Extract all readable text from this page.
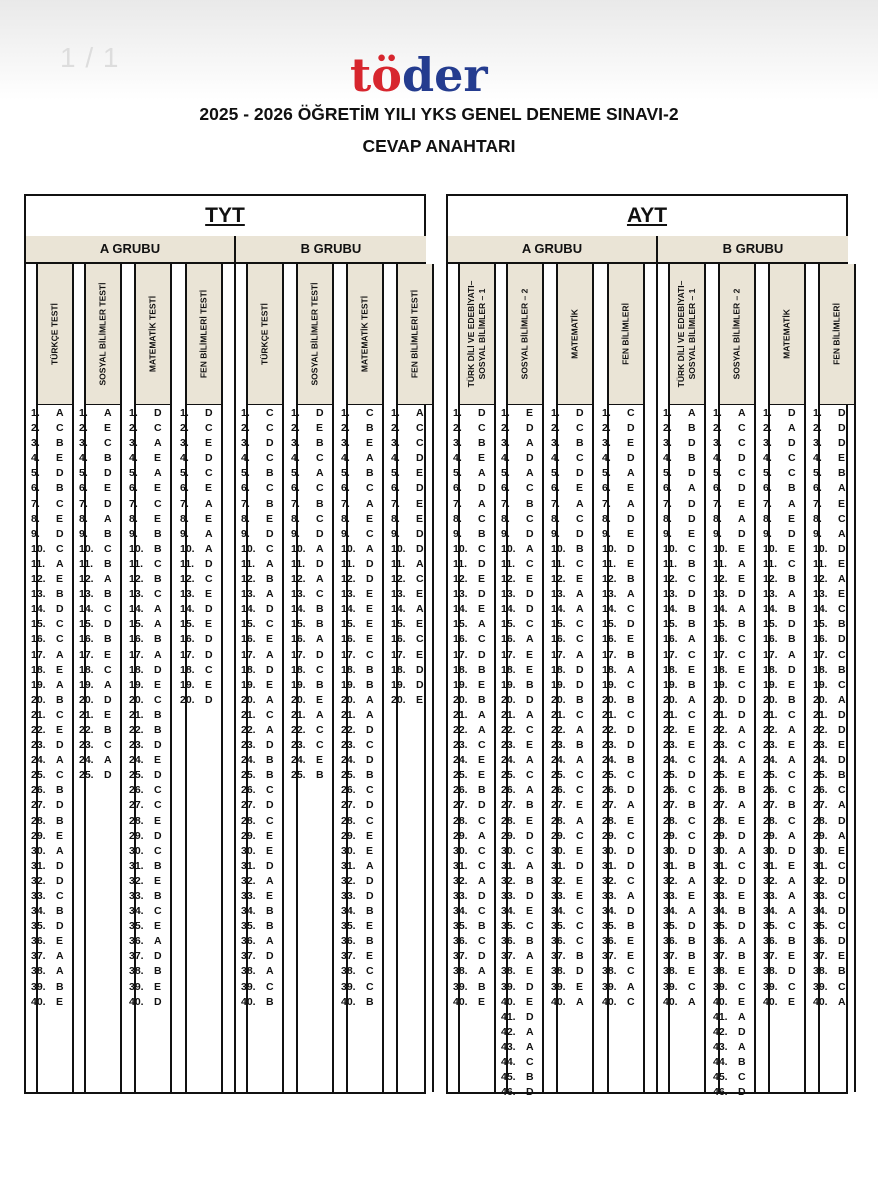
1 / 1	töder
2025 - 2026 ÖĞRETİM YILI YKS GENEL DENEME SINAVI-2
CEVAP ANAHTARI
TYT
A GRUBU
TÜRKÇE TESTİ
1. A
2. C
3. B
4. E
5. D
6. B
7. C
8. E
9. D
10. C
11. A
12. E
13. B
14. D
15. C
16. C
17. A
18. E
19. A
20. B
21. C
22. E
23. D
24. A
25. C
26. B
27. D
28. B
29. E
30. A
31. D
32. D
33. C
34. B
35. D
36. E
37. A
38. A
39. B
40. E
SOSYAL BİLİMLER TESTİ
1. A
2. E
3. C
4. B
5. D
6. E
7. D
8. A
9. B
10. C
11. B
12. A
13. B
14. C
15. D
16. B
17. E
18. C
19. A
20. D
21. E
22. B
23. C
24. A
25. D
MATEMATİK TESTİ
1. D
2. C
3. A
4. E
5. A
6. E
7. C
8. E
9. B
10. B
11. C
12. B
13. C
14. A
15. A
16. B
17. A
18. D
19. E
20. C
21. B
22. B
23. D
24. E
25. D
26. C
27. C
28. E
29. D
30. C
31. B
32. E
33. B
34. C
35. E
36. A
37. D
38. B
39. E
40. D
FEN BİLİMLERİ TESTİ
1. D
2. C
3. E
4. D
5. C
6. E
7. A
8. E
9. A
10. A
11. D
12. C
13. E
14. D
15. E
16. D
17. D
18. C
19. E
20. D
B GRUBU
TÜRKÇE TESTİ
1. C
2. C
3. D
4. C
5. B
6. C
7. B
8. E
9. D
10. C
11. A
12. B
13. A
14. D
15. C
16. E
17. A
18. D
19. E
20. A
21. C
22. A
23. D
24. B
25. B
26. C
27. D
28. C
29. E
30. E
31. D
32. A
33. E
34. B
35. B
36. A
37. D
38. A
39. C
40. B
SOSYAL BİLİMLER TESTİ
1. D
2. E
3. B
4. C
5. A
6. C
7. B
8. C
9. D
10. A
11. D
12. A
13. C
14. B
15. B
16. A
17. D
18. C
19. B
20. E
21. A
22. C
23. C
24. E
25. B
MATEMATİK TESTİ
1. C
2. B
3. E
4. A
5. B
6. C
7. A
8. E
9. C
10. A
11. D
12. D
13. E
14. E
15. E
16. E
17. C
18. B
19. B
20. A
21. A
22. D
23. C
24. D
25. B
26. C
27. D
28. C
29. E
30. E
31. A
32. D
33. D
34. B
35. E
36. B
37. E
38. C
39. C
40. B
FEN BİLİMLERİ TESTİ
1. A
2. C
3. C
4. D
5. E
6. D
7. E
8. E
9. D
10. D
11. A
12. C
13. E
14. A
15. E
16. C
17. E
18. D
19. D
20. E
AYT
A GRUBU
TÜRK DİLİ VE EDEBİYATI–
SOSYAL BİLİMLER – 1
1. D
2. C
3. B
4. E
5. A
6. D
7. A
8. C
9. B
10. C
11. D
12. E
13. D
14. E
15. A
16. C
17. D
18. B
19. E
20. B
21. A
22. A
23. C
24. E
25. E
26. B
27. D
28. C
29. A
30. C
31. C
32. A
33. D
34. C
35. B
36. C
37. D
38. A
39. B
40. E
SOSYAL BİLİMLER – 2
1. E
2. D
3. A
4. D
5. A
6. C
7. B
8. C
9. D
10. A
11. C
12. E
13. D
14. D
15. C
16. A
17. E
18. E
19. B
20. D
21. A
22. C
23. E
24. A
25. C
26. A
27. B
28. E
29. D
30. C
31. A
32. B
33. D
34. E
35. C
36. B
37. A
38. E
39. D
40. E
41. D
42. A
43. A
44. C
45. B
46. D
MATEMATİK
1. D
2. C
3. B
4. C
5. D
6. E
7. A
8. C
9. D
10. B
11. C
12. E
13. A
14. A
15. C
16. C
17. A
18. D
19. D
20. B
21. C
22. A
23. B
24. A
25. C
26. C
27. E
28. A
29. C
30. E
31. D
32. E
33. E
34. C
35. C
36. C
37. B
38. D
39. E
40. A
FEN BİLİMLERİ
1. C
2. D
3. E
4. D
5. A
6. E
7. A
8. D
9. E
10. D
11. E
12. B
13. A
14. C
15. D
16. E
17. B
18. A
19. C
20. B
21. C
22. D
23. D
24. B
25. C
26. D
27. A
28. E
29. C
30. D
31. D
32. C
33. A
34. D
35. B
36. E
37. E
38. C
39. A
40. C
B GRUBU
TÜRK DİLİ VE EDEBİYATI–
SOSYAL BİLİMLER – 1
1. A
2. B
3. D
4. B
5. D
6. A
7. D
8. D
9. E
10. C
11. B
12. C
13. D
14. B
15. B
16. A
17. C
18. E
19. B
20. A
21. C
22. E
23. E
24. C
25. D
26. C
27. B
28. C
29. C
30. D
31. B
32. A
33. E
34. A
35. D
36. B
37. B
38. E
39. C
40. A
SOSYAL BİLİMLER – 2
1. A
2. C
3. C
4. D
5. C
6. D
7. E
8. A
9. D
10. E
11. A
12. E
13. D
14. A
15. B
16. C
17. C
18. E
19. C
20. D
21. D
22. A
23. C
24. A
25. E
26. B
27. A
28. E
29. D
30. A
31. C
32. D
33. E
34. B
35. D
36. A
37. B
38. E
39. C
40. E
41. A
42. D
43. A
44. B
45. C
46. D
MATEMATİK
1. D
2. A
3. D
4. C
5. C
6. B
7. A
8. E
9. D
10. E
11. C
12. B
13. A
14. B
15. D
16. B
17. A
18. D
19. E
20. B
21. C
22. A
23. E
24. A
25. C
26. C
27. B
28. C
29. A
30. D
31. E
32. A
33. A
34. A
35. C
36. B
37. E
38. D
39. C
40. E
FEN BİLİMLERİ
1. D
2. D
3. D
4. E
5. B
6. A
7. E
8. C
9. A
10. D
11. E
12. A
13. E
14. C
15. B
16. D
17. C
18. B
19. C
20. A
21. D
22. D
23. E
24. D
25. B
26. C
27. A
28. D
29. A
30. E
31. C
32. D
33. C
34. D
35. C
36. D
37. E
38. B
39. C
40. A
